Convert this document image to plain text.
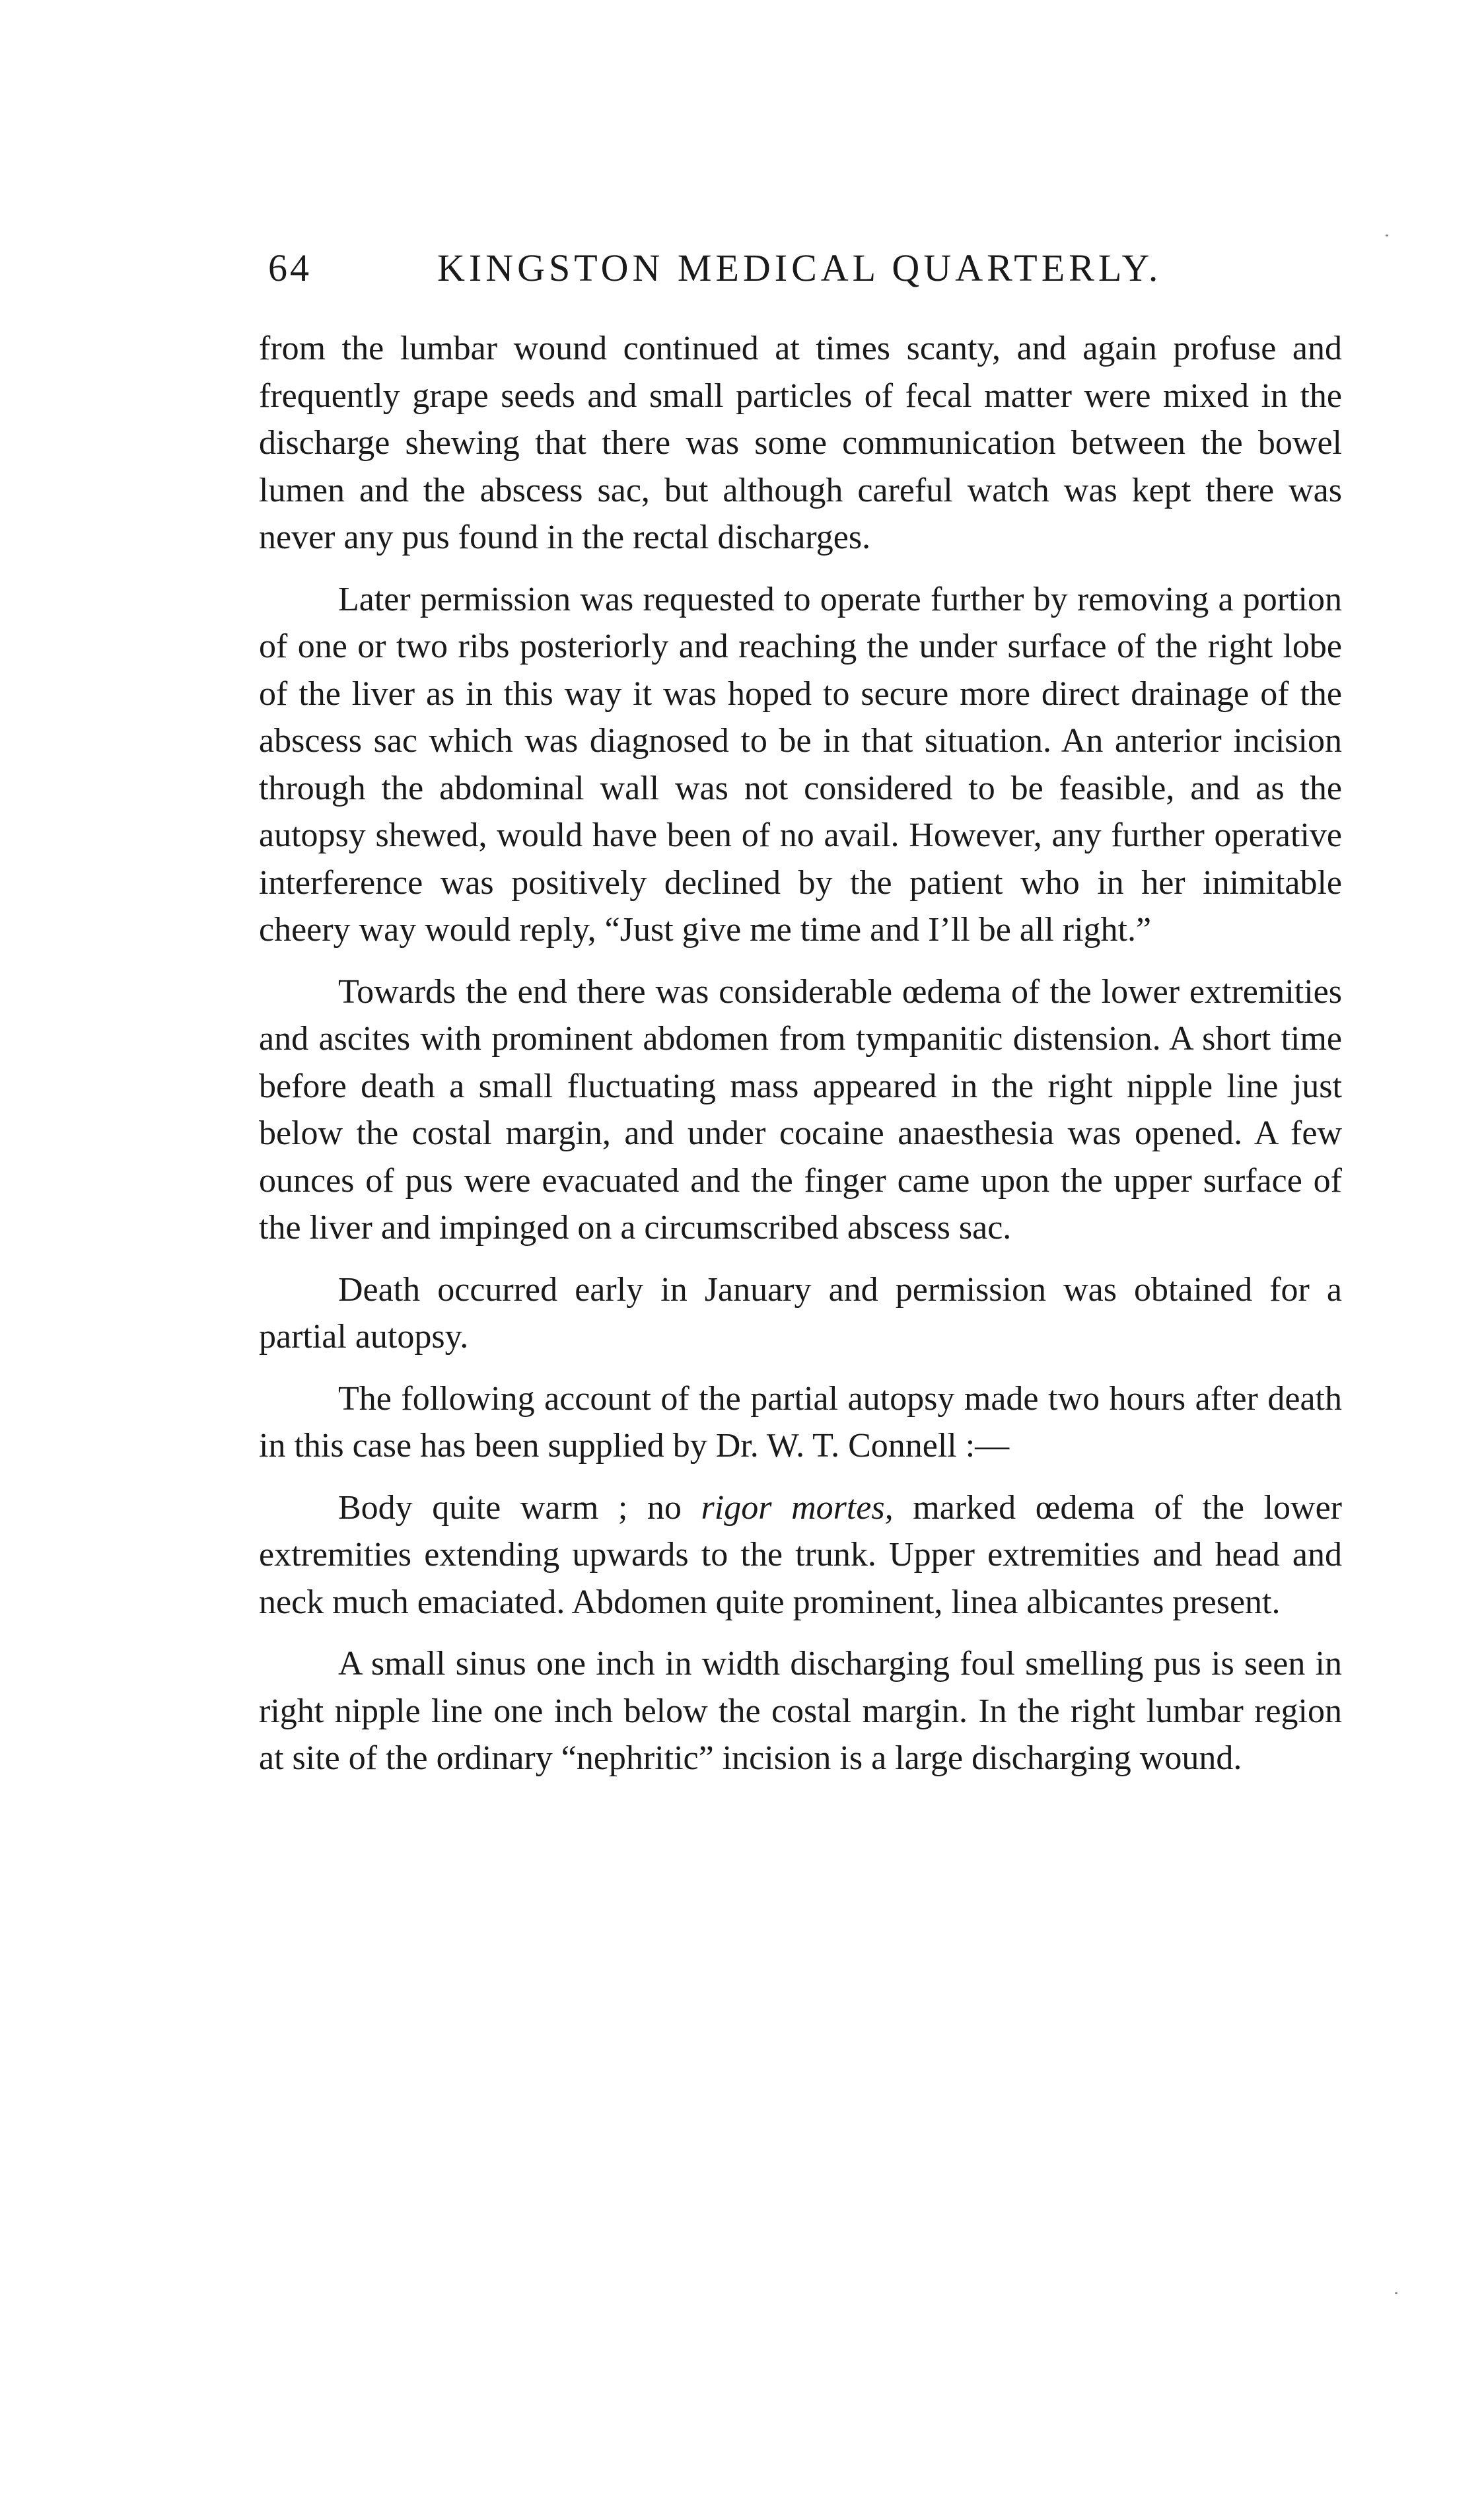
64	KINGSTON MEDICAL QUARTERLY.

from the lumbar wound continued at times scanty, and again profuse and frequently grape seeds and small particles of fecal matter were mixed in the discharge shewing that there was some communication between the bowel lumen and the abscess sac, but although careful watch was kept there was never any pus found in the rectal discharges.

Later permission was requested to operate further by removing a portion of one or two ribs posteriorly and reaching the under surface of the right lobe of the liver as in this way it was hoped to secure more direct drainage of the abscess sac which was diagnosed to be in that situation. An anterior incision through the abdominal wall was not considered to be feasible, and as the autopsy shewed, would have been of no avail. However, any further operative interference was positively declined by the patient who in her inimitable cheery way would reply, “Just give me time and I’ll be all right.”

Towards the end there was considerable œdema of the lower extremities and ascites with prominent abdomen from tympanitic distension. A short time before death a small fluctuating mass appeared in the right nipple line just below the costal margin, and under cocaine anaesthesia was opened. A few ounces of pus were evacuated and the finger came upon the upper surface of the liver and impinged on a circumscribed abscess sac.

Death occurred early in January and permission was obtained for a partial autopsy.

The following account of the partial autopsy made two hours after death in this case has been supplied by Dr. W. T. Connell :—

Body quite warm ; no rigor mortes, marked œdema of the lower extremities extending upwards to the trunk. Upper extremities and head and neck much emaciated. Abdomen quite prominent, linea albicantes present.

A small sinus one inch in width discharging foul smelling pus is seen in right nipple line one inch below the costal margin. In the right lumbar region at site of the ordinary “nephritic” incision is a large discharging wound.
